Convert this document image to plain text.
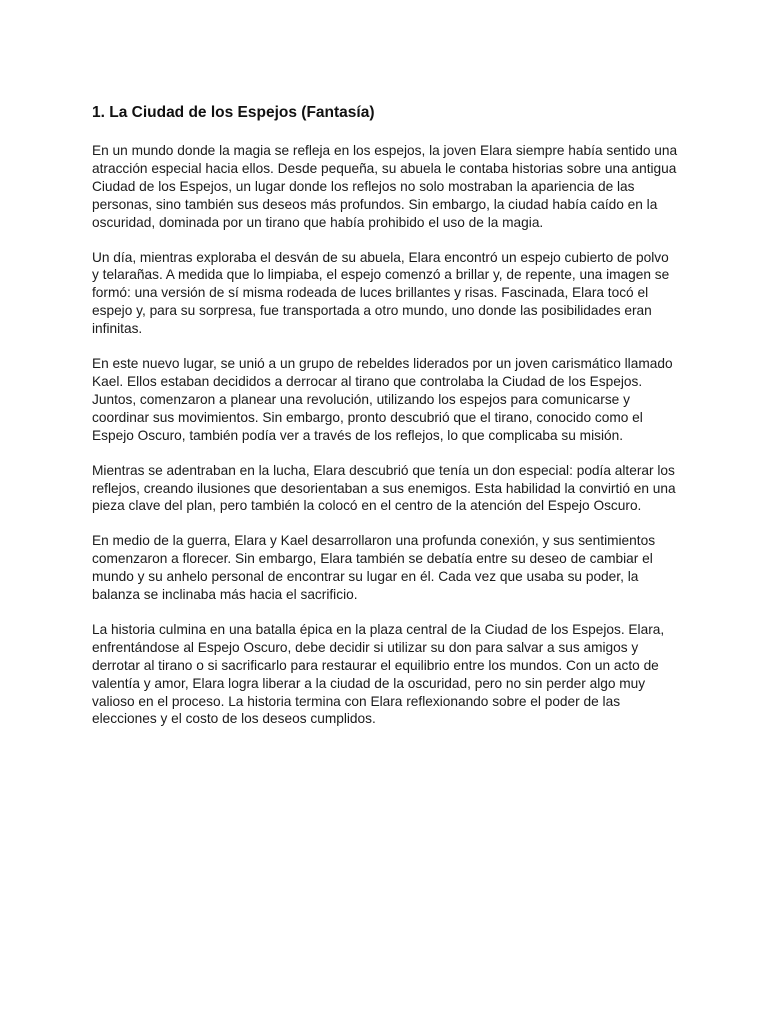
1. La Ciudad de los Espejos (Fantasía)

En un mundo donde la magia se refleja en los espejos, la joven Elara siempre había sentido una atracción especial hacia ellos. Desde pequeña, su abuela le contaba historias sobre una antigua Ciudad de los Espejos, un lugar donde los reflejos no solo mostraban la apariencia de las personas, sino también sus deseos más profundos. Sin embargo, la ciudad había caído en la oscuridad, dominada por un tirano que había prohibido el uso de la magia.

Un día, mientras exploraba el desván de su abuela, Elara encontró un espejo cubierto de polvo y telarañas. A medida que lo limpiaba, el espejo comenzó a brillar y, de repente, una imagen se formó: una versión de sí misma rodeada de luces brillantes y risas. Fascinada, Elara tocó el espejo y, para su sorpresa, fue transportada a otro mundo, uno donde las posibilidades eran infinitas.

En este nuevo lugar, se unió a un grupo de rebeldes liderados por un joven carismático llamado Kael. Ellos estaban decididos a derrocar al tirano que controlaba la Ciudad de los Espejos. Juntos, comenzaron a planear una revolución, utilizando los espejos para comunicarse y coordinar sus movimientos. Sin embargo, pronto descubrió que el tirano, conocido como el Espejo Oscuro, también podía ver a través de los reflejos, lo que complicaba su misión.

Mientras se adentraban en la lucha, Elara descubrió que tenía un don especial: podía alterar los reflejos, creando ilusiones que desorientaban a sus enemigos. Esta habilidad la convirtió en una pieza clave del plan, pero también la colocó en el centro de la atención del Espejo Oscuro.

En medio de la guerra, Elara y Kael desarrollaron una profunda conexión, y sus sentimientos comenzaron a florecer. Sin embargo, Elara también se debatía entre su deseo de cambiar el mundo y su anhelo personal de encontrar su lugar en él. Cada vez que usaba su poder, la balanza se inclinaba más hacia el sacrificio.

La historia culmina en una batalla épica en la plaza central de la Ciudad de los Espejos. Elara, enfrentándose al Espejo Oscuro, debe decidir si utilizar su don para salvar a sus amigos y derrotar al tirano o si sacrificarlo para restaurar el equilibrio entre los mundos. Con un acto de valentía y amor, Elara logra liberar a la ciudad de la oscuridad, pero no sin perder algo muy valioso en el proceso. La historia termina con Elara reflexionando sobre el poder de las elecciones y el costo de los deseos cumplidos.
